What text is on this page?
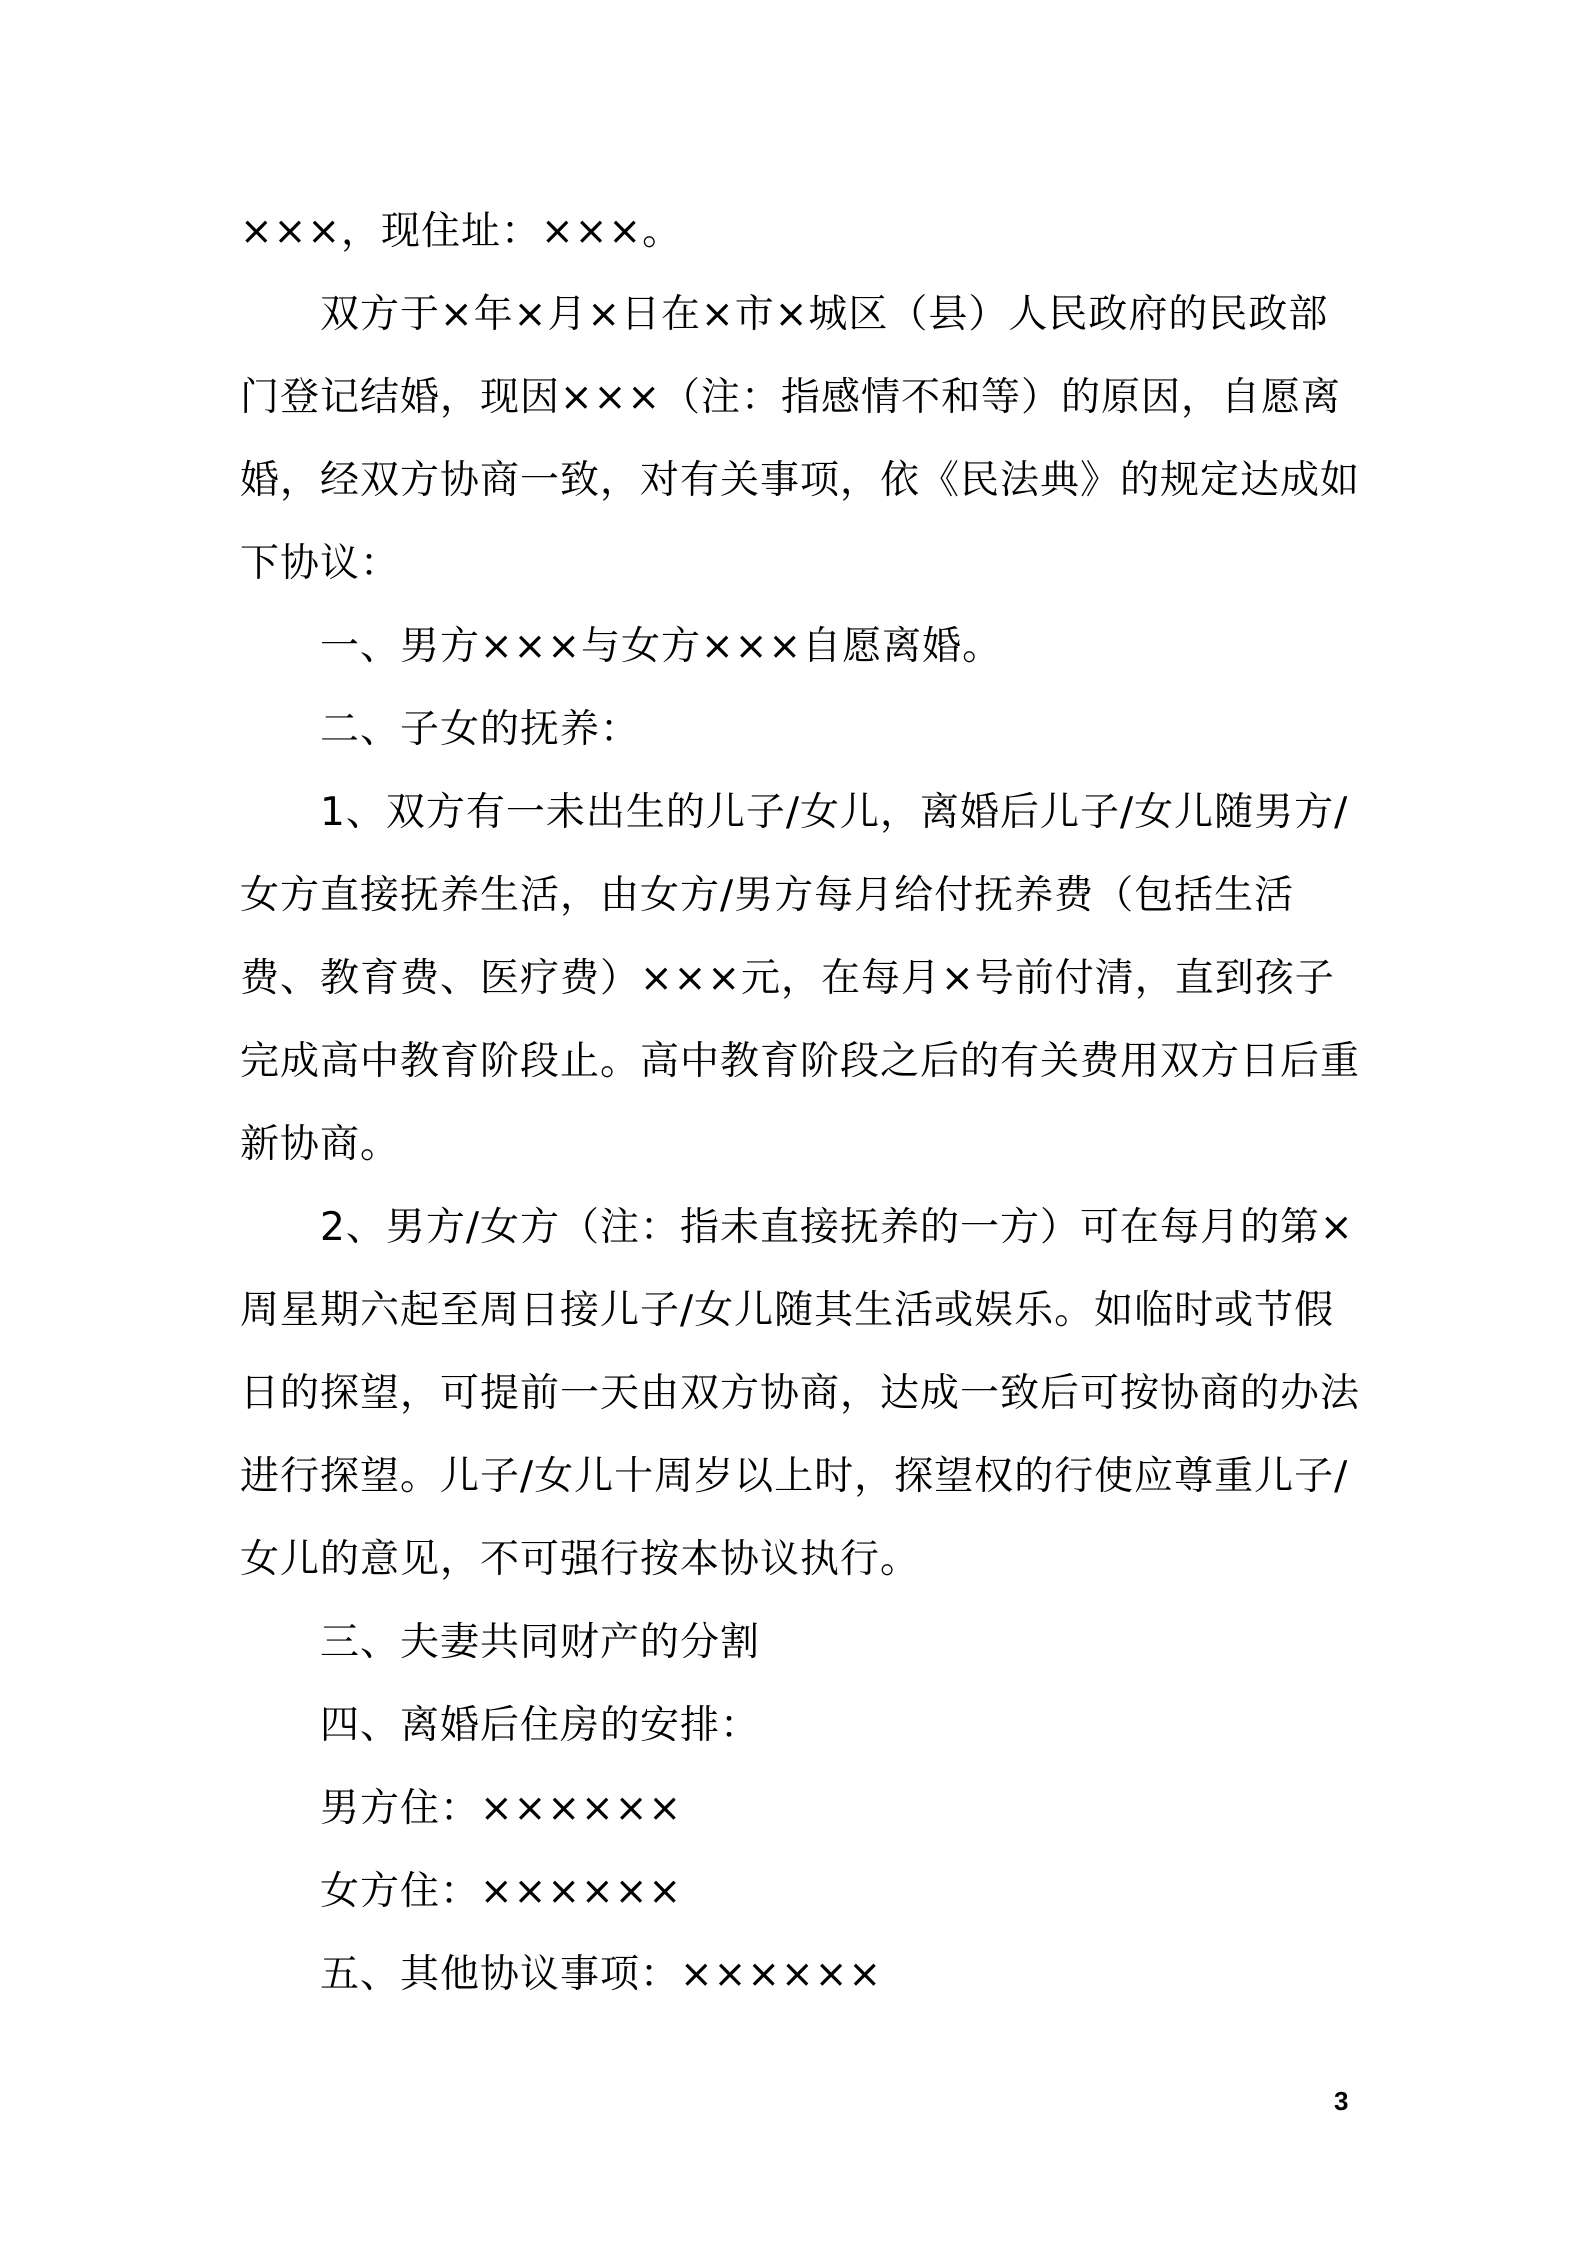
×××，现住址：×××。

双方于×年×月×日在×市×城区（县）人民政府的民政部门登记结婚，现因×××（注：指感情不和等）的原因，自愿离婚，经双方协商一致，对有关事项，依《民法典》的规定达成如下协议：

一、男方×××与女方×××自愿离婚。

二、子女的抚养：

1、双方有一未出生的儿子/女儿，离婚后儿子/女儿随男方/女方直接抚养生活，由女方/男方每月给付抚养费（包括生活费、教育费、医疗费）×××元，在每月×号前付清，直到孩子完成高中教育阶段止。高中教育阶段之后的有关费用双方日后重新协商。

2、男方/女方（注：指未直接抚养的一方）可在每月的第×周星期六起至周日接儿子/女儿随其生活或娱乐。如临时或节假日的探望，可提前一天由双方协商，达成一致后可按协商的办法进行探望。儿子/女儿十周岁以上时，探望权的行使应尊重儿子/女儿的意见，不可强行按本协议执行。

三、夫妻共同财产的分割

四、离婚后住房的安排：

男方住：××××××

女方住：××××××

五、其他协议事项：××××××

3
